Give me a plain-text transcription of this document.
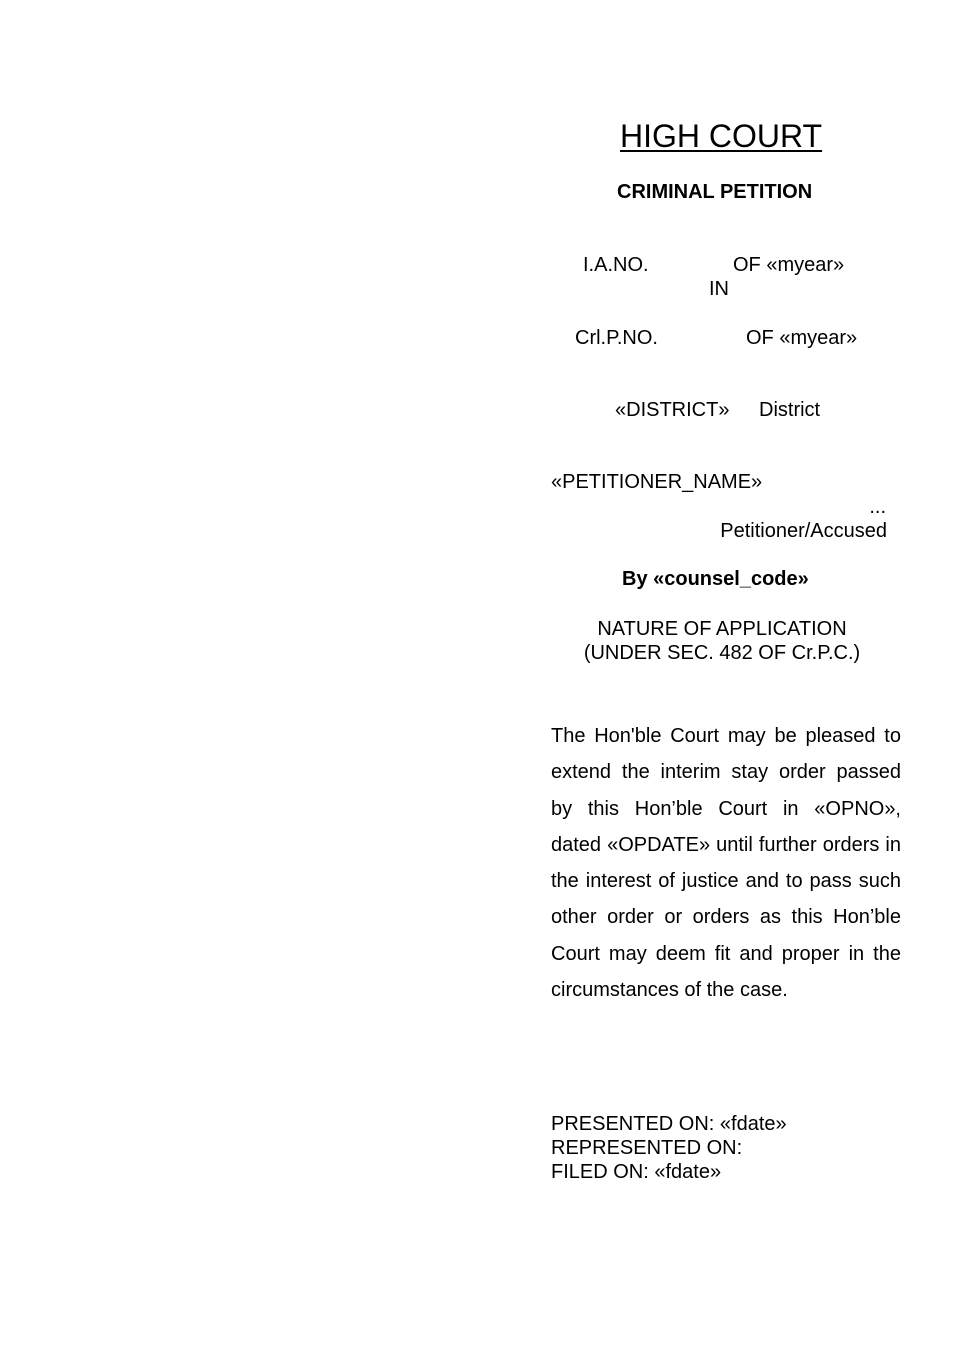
HIGH COURT
CRIMINAL PETITION
I.A.NO.	OF «myear»
IN
Crl.P.NO.	OF «myear»
«DISTRICT» District
«PETITIONER_NAME»
...
Petitioner/Accused
By «counsel_code»
NATURE OF APPLICATION
(UNDER SEC. 482 OF Cr.P.C.)

The Hon'ble Court may be pleased to extend the interim stay order passed by this Hon’ble Court in «OPNO», dated «OPDATE» until further orders in the interest of justice and to pass such other order or orders as this Hon’ble Court may deem fit and proper in the circumstances of the case.

PRESENTED ON: «fdate»
REPRESENTED ON:
FILED ON: «fdate»
